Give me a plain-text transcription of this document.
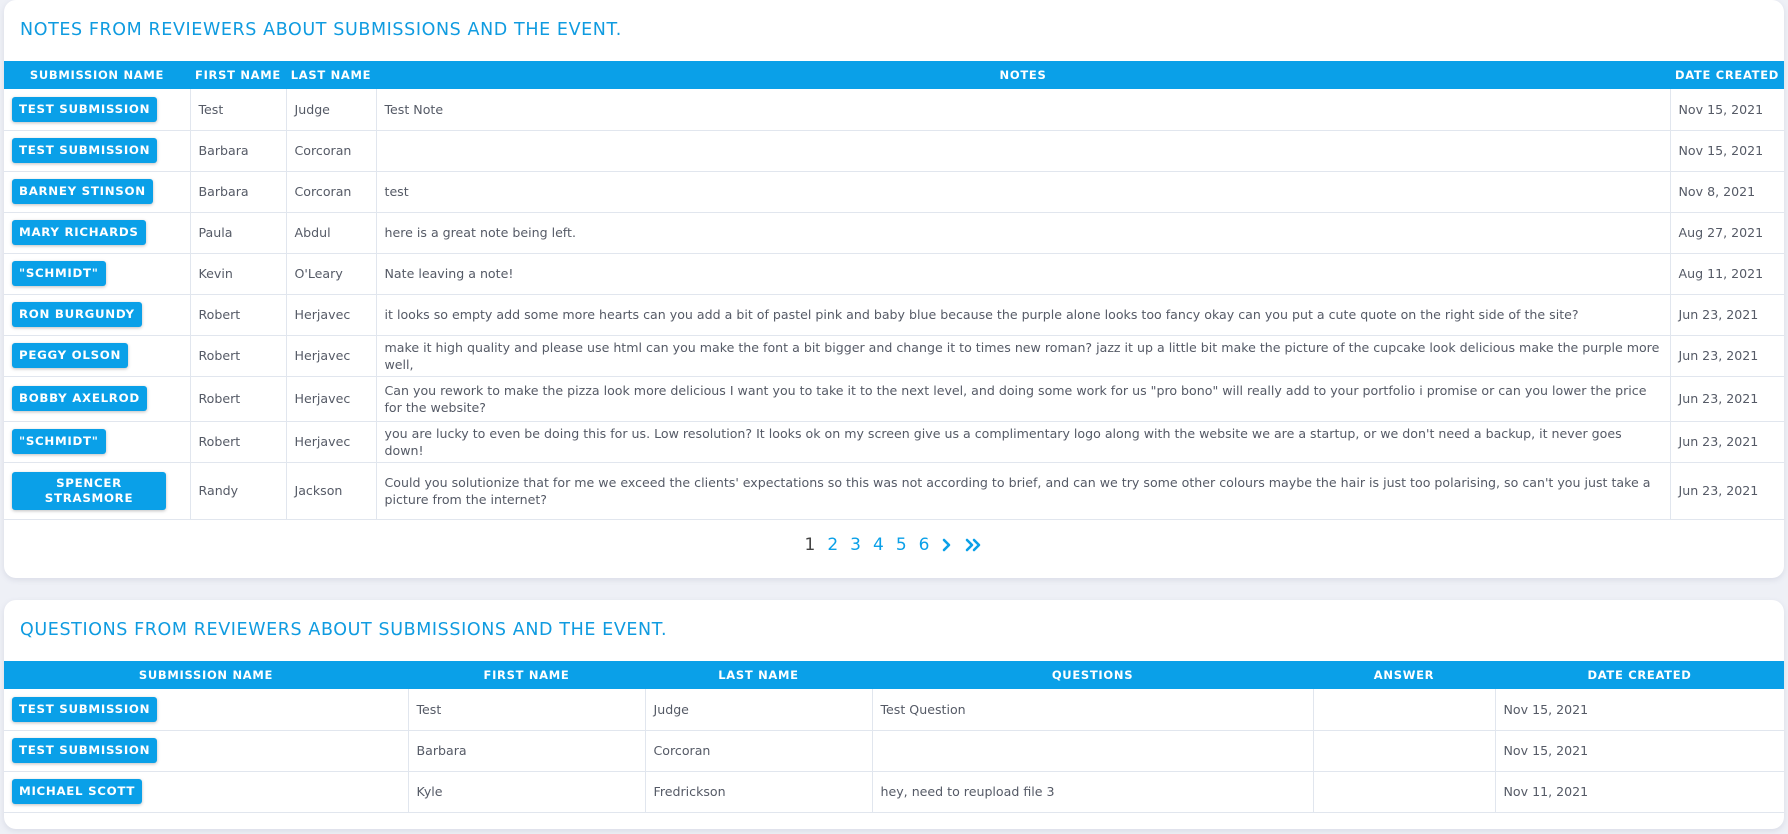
NOTES FROM REVIEWERS ABOUT SUBMISSIONS AND THE EVENT.
SUBMISSION NAME	FIRST NAME	LAST NAME	NOTES	DATE CREATED
TEST SUBMISSION	Test	Judge	Test Note	Nov 15, 2021
TEST SUBMISSION	Barbara	Corcoran		Nov 15, 2021
BARNEY STINSON	Barbara	Corcoran	test	Nov 8, 2021
MARY RICHARDS	Paula	Abdul	here is a great note being left.	Aug 27, 2021
"SCHMIDT"	Kevin	O'Leary	Nate leaving a note!	Aug 11, 2021
RON BURGUNDY	Robert	Herjavec	it looks so empty add some more hearts can you add a bit of pastel pink and baby blue because the purple alone looks too fancy okay can you put a cute quote on the right side of the site?	Jun 23, 2021
PEGGY OLSON	Robert	Herjavec	make it high quality and please use html can you make the font a bit bigger and change it to times new roman? jazz it up a little bit make the picture of the cupcake look delicious make the purple more well,	Jun 23, 2021
BOBBY AXELROD	Robert	Herjavec	Can you rework to make the pizza look more delicious I want you to take it to the next level, and doing some work for us "pro bono" will really add to your portfolio i promise or can you lower the price for the website?	Jun 23, 2021
"SCHMIDT"	Robert	Herjavec	you are lucky to even be doing this for us. Low resolution? It looks ok on my screen give us a complimentary logo along with the website we are a startup, or we don't need a backup, it never goes down!	Jun 23, 2021
SPENCER STRASMORE	Randy	Jackson	Could you solutionize that for me we exceed the clients' expectations so this was not according to brief, and can we try some other colours maybe the hair is just too polarising, so can't you just take a picture from the internet?	Jun 23, 2021
1 2 3 4 5 6
QUESTIONS FROM REVIEWERS ABOUT SUBMISSIONS AND THE EVENT.
SUBMISSION NAME	FIRST NAME	LAST NAME	QUESTIONS	ANSWER	DATE CREATED
TEST SUBMISSION	Test	Judge	Test Question		Nov 15, 2021
TEST SUBMISSION	Barbara	Corcoran			Nov 15, 2021
MICHAEL SCOTT	Kyle	Fredrickson	hey, need to reupload file 3		Nov 11, 2021
